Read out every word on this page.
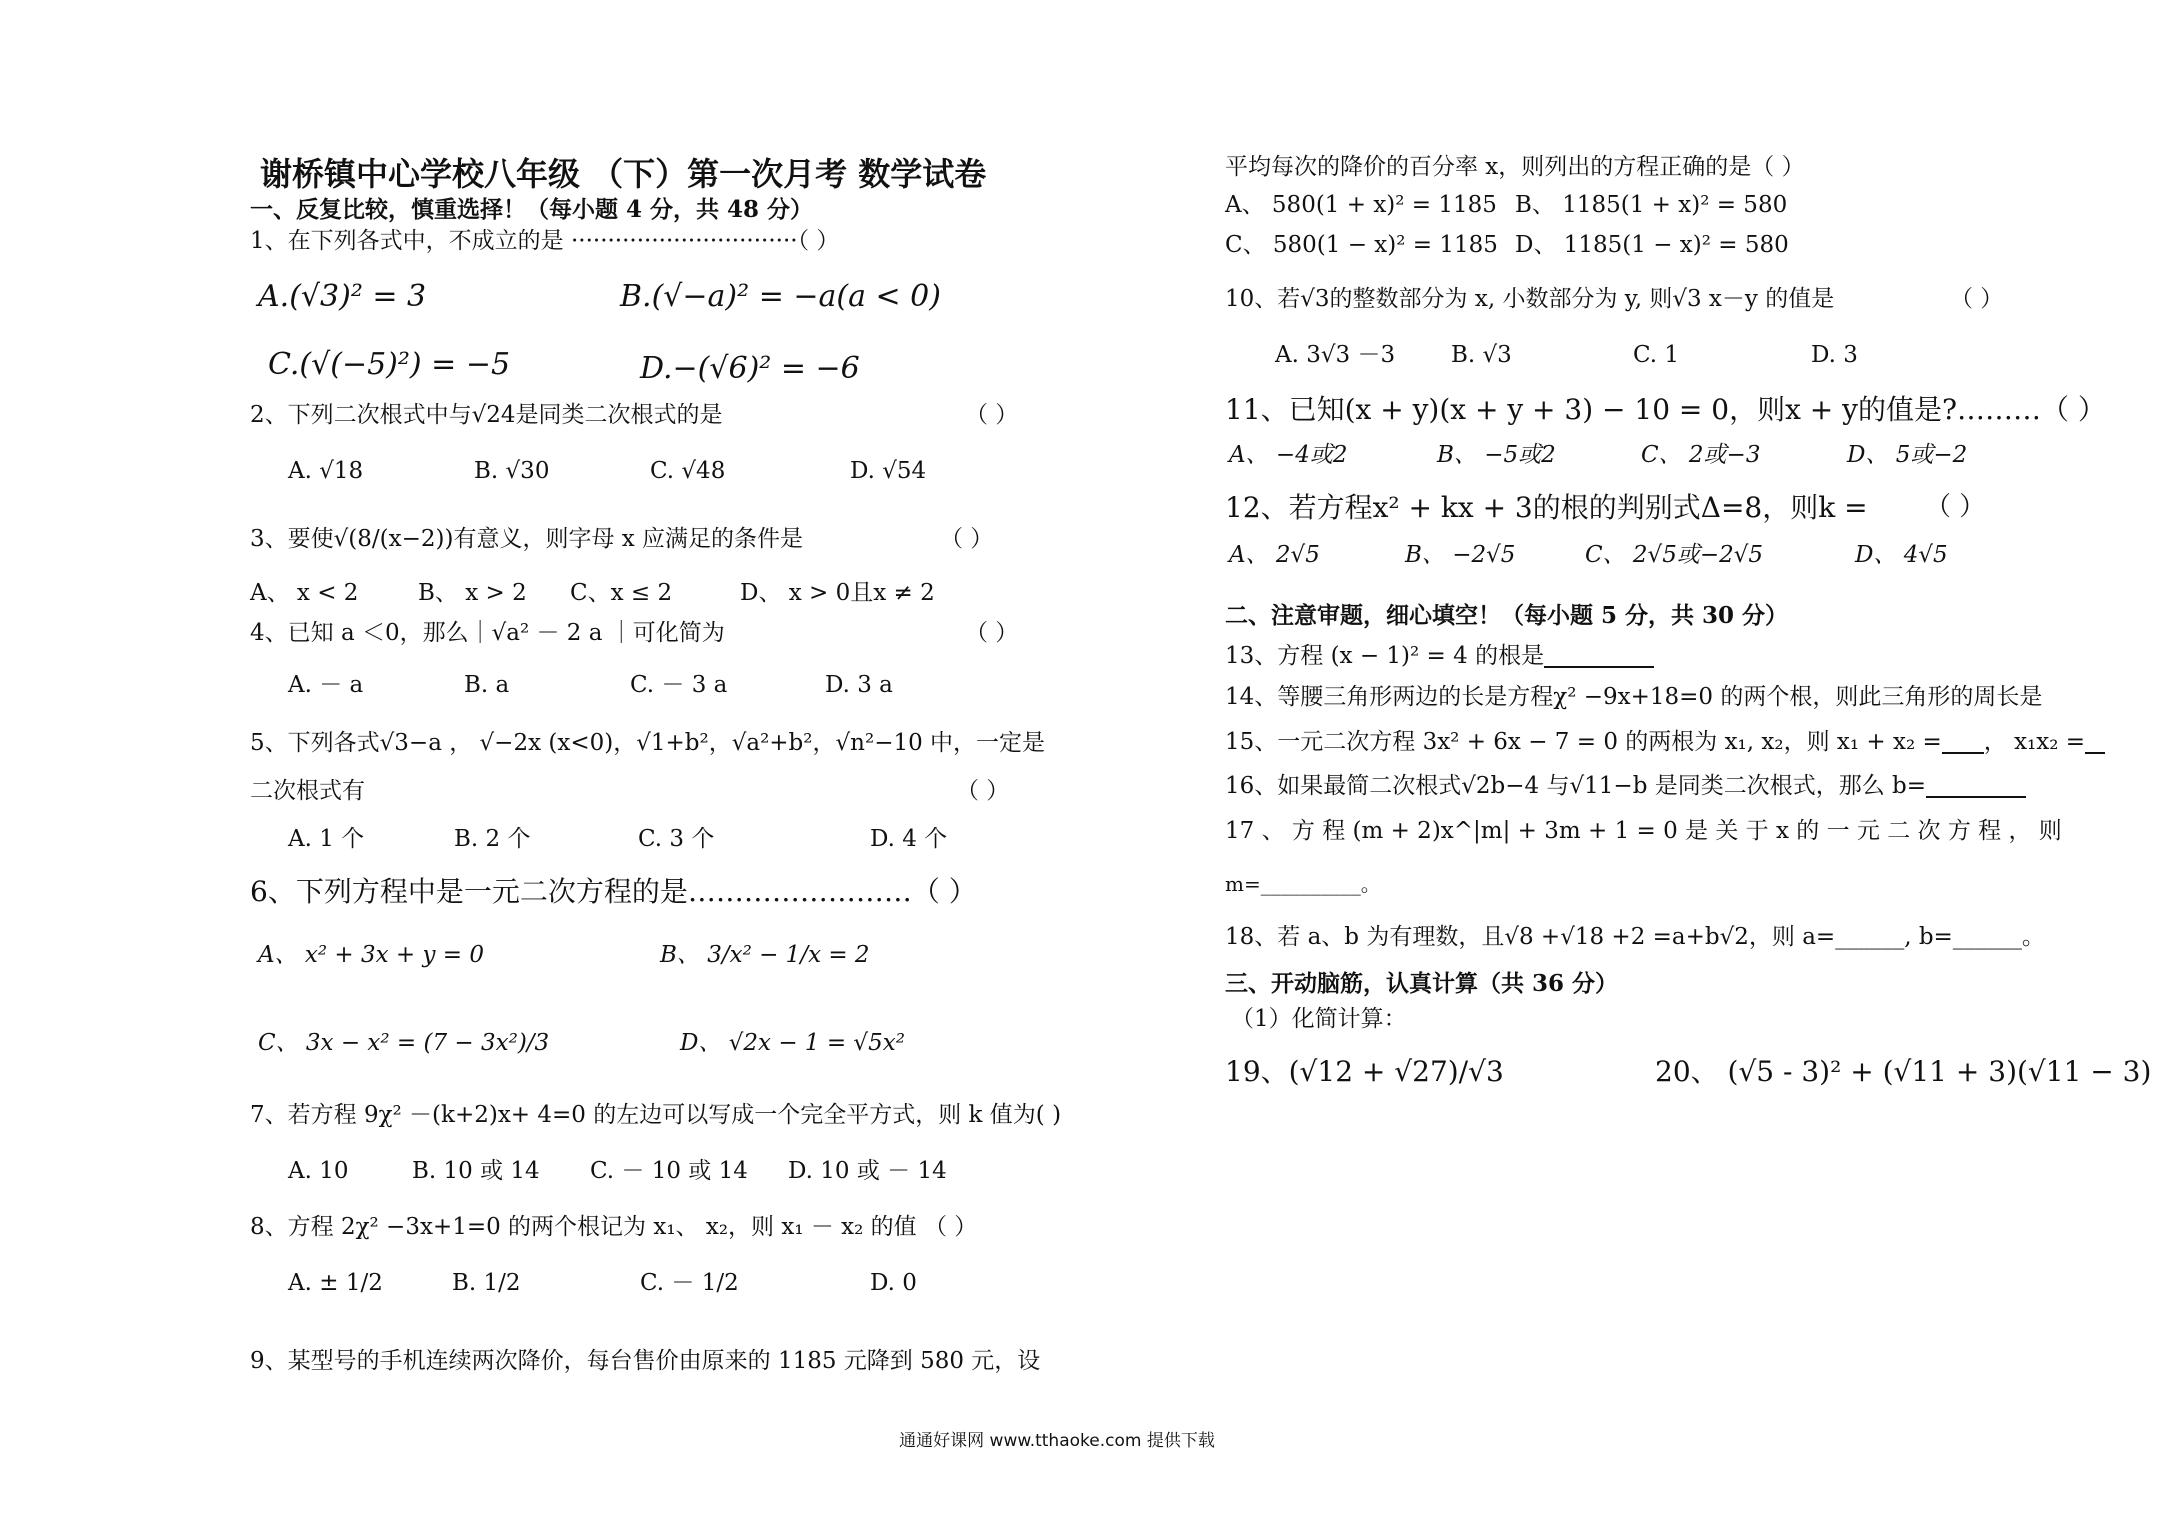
谢桥镇中心学校八年级 （下）第一次月考 数学试卷
一、反复比较，慎重选择！（每小题 4 分，共 48 分）
1、在下列各式中，不成立的是 ·······························（ ）
A.(√3)² = 3	B.(√−a)² = −a(a < 0)
C.(√(−5)²) = −5	D.−(√6)² = −6
2、下列二次根式中与√24是同类二次根式的是	（ ）
A. √18	B. √30	C. √48	D. √54
3、要使√(8/(x−2))有意义，则字母 x 应满足的条件是	（ ）
A、 x < 2	B、 x > 2 C、x ≤ 2	D、 x > 0且x ≠ 2
4、已知 a ＜0，那么｜√a² － 2 a ｜可化简为	（ ）
A. － a	B. a	C. － 3 a	D. 3 a
5、下列各式√3−a ， √−2x (x<0)，√1+b²，√a²+b²，√n²−10 中，一定是
二次根式有	（ ）
A. 1 个	B. 2 个	C. 3 个	D. 4 个
6、下列方程中是一元二次方程的是……………………（ ）
A、 x² + 3x + y = 0	B、 3/x² − 1/x = 2
C、 3x − x² = (7 − 3x²)/3	D、 √2x − 1 = √5x²
7、若方程 9χ² －(k+2)x+ 4=0 的左边可以写成一个完全平方式，则 k 值为( )
A. 10	B. 10 或 14 C. － 10 或 14 D. 10 或 － 14
8、方程 2χ² −3x+1=0 的两个根记为 x₁、 x₂，则 x₁ － x₂ 的值 （ ）
A. ± 1/2	B. 1/2	C. － 1/2	D. 0
9、某型号的手机连续两次降价，每台售价由原来的 1185 元降到 580 元，设
平均每次的降价的百分率 x，则列出的方程正确的是（ ）
A、 580(1 + x)² = 1185 B、 1185(1 + x)² = 580
C、 580(1 − x)² = 1185 D、 1185(1 − x)² = 580
10、若√3的整数部分为 x, 小数部分为 y, 则√3 x－y 的值是	（ ）
A. 3√3 －3 B. √3	C. 1	D. 3
11、已知(x + y)(x + y + 3) − 10 = 0，则x + y的值是?………（ ）
A、 −4或2	B、 −5或2	C、 2或−3	D、 5或−2
12、若方程x² + kx + 3的根的判别式Δ=8，则k = （ ）
A、 2√5	B、 −2√5	C、 2√5或−2√5	D、 4√5
二、注意审题，细心填空！（每小题 5 分，共 30 分）
13、方程 (x − 1)² = 4 的根是
14、等腰三角形两边的长是方程χ² −9x+18=0 的两个根，则此三角形的周长是
15、一元二次方程 3x² + 6x − 7 = 0 的两根为 x₁, x₂，则 x₁ + x₂ = ， x₁x₂ =
16、如果最简二次根式√2b−4 与√11−b 是同类二次根式，那么 b=
17 、 方 程 (m + 2)x^|m| + 3m + 1 = 0 是 关 于 x 的 一 元 二 次 方 程 ， 则
m=__________。
18、若 a、b 为有理数，且√8 +√18 +2 =a+b√2，则 a=______, b=______。
三、开动脑筋，认真计算（共 36 分）
（1）化简计算：
19、(√12 + √27)/√3	20、 (√5 - 3)² + (√11 + 3)(√11 − 3)
通通好课网 www.tthaoke.com 提供下载
